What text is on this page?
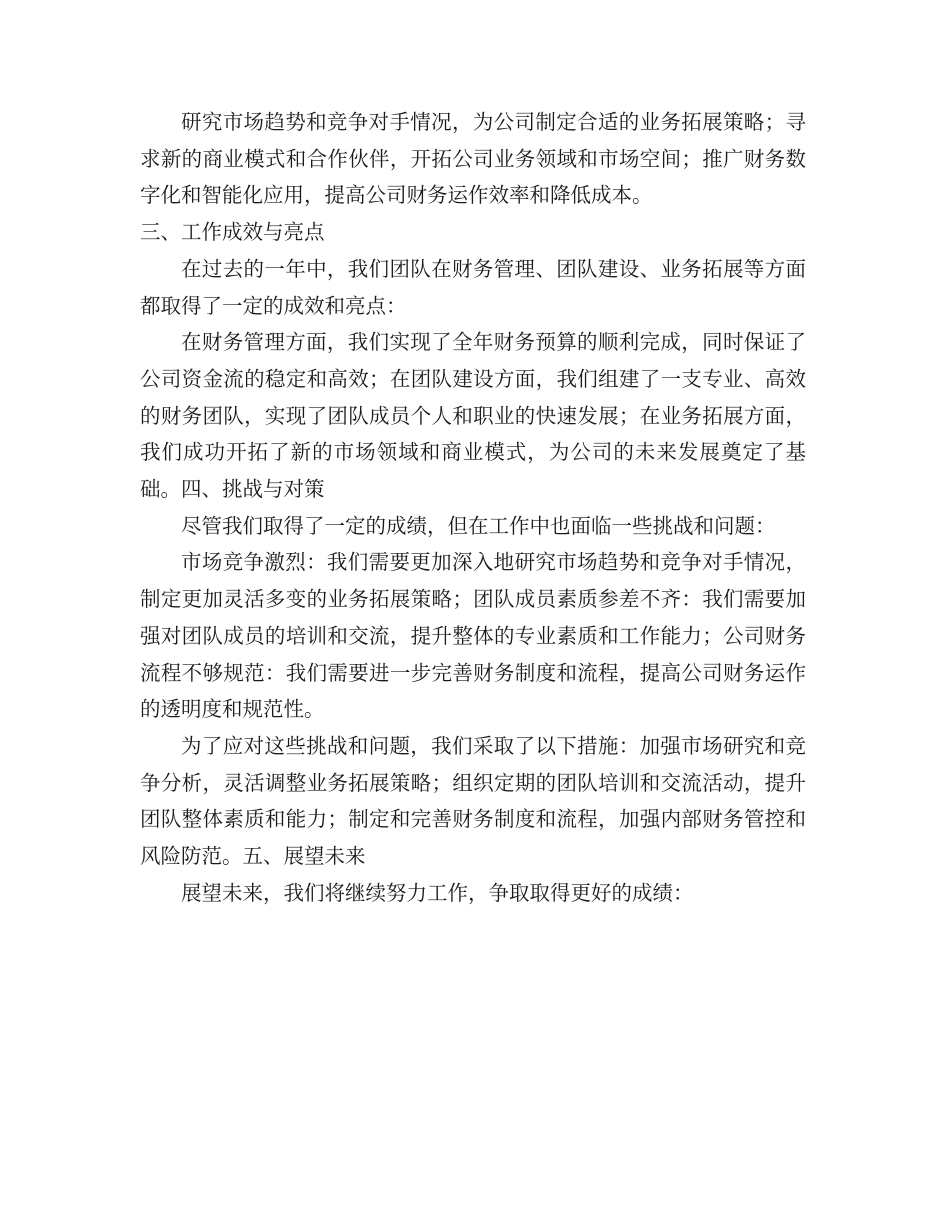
研究市场趋势和竞争对手情况，为公司制定合适的业务拓展策略；寻求新的商业模式和合作伙伴，开拓公司业务领域和市场空间；推广财务数字化和智能化应用，提高公司财务运作效率和降低成本。

三、工作成效与亮点

在过去的一年中，我们团队在财务管理、团队建设、业务拓展等方面都取得了一定的成效和亮点：

在财务管理方面，我们实现了全年财务预算的顺利完成，同时保证了公司资金流的稳定和高效；在团队建设方面，我们组建了一支专业、高效的财务团队，实现了团队成员个人和职业的快速发展；在业务拓展方面，我们成功开拓了新的市场领域和商业模式，为公司的未来发展奠定了基础。四、挑战与对策

尽管我们取得了一定的成绩，但在工作中也面临一些挑战和问题：

市场竞争激烈：我们需要更加深入地研究市场趋势和竞争对手情况，制定更加灵活多变的业务拓展策略；团队成员素质参差不齐：我们需要加强对团队成员的培训和交流，提升整体的专业素质和工作能力；公司财务流程不够规范：我们需要进一步完善财务制度和流程，提高公司财务运作的透明度和规范性。

为了应对这些挑战和问题，我们采取了以下措施：加强市场研究和竞争分析，灵活调整业务拓展策略；组织定期的团队培训和交流活动，提升团队整体素质和能力；制定和完善财务制度和流程，加强内部财务管控和风险防范。五、展望未来

展望未来，我们将继续努力工作，争取取得更好的成绩：
